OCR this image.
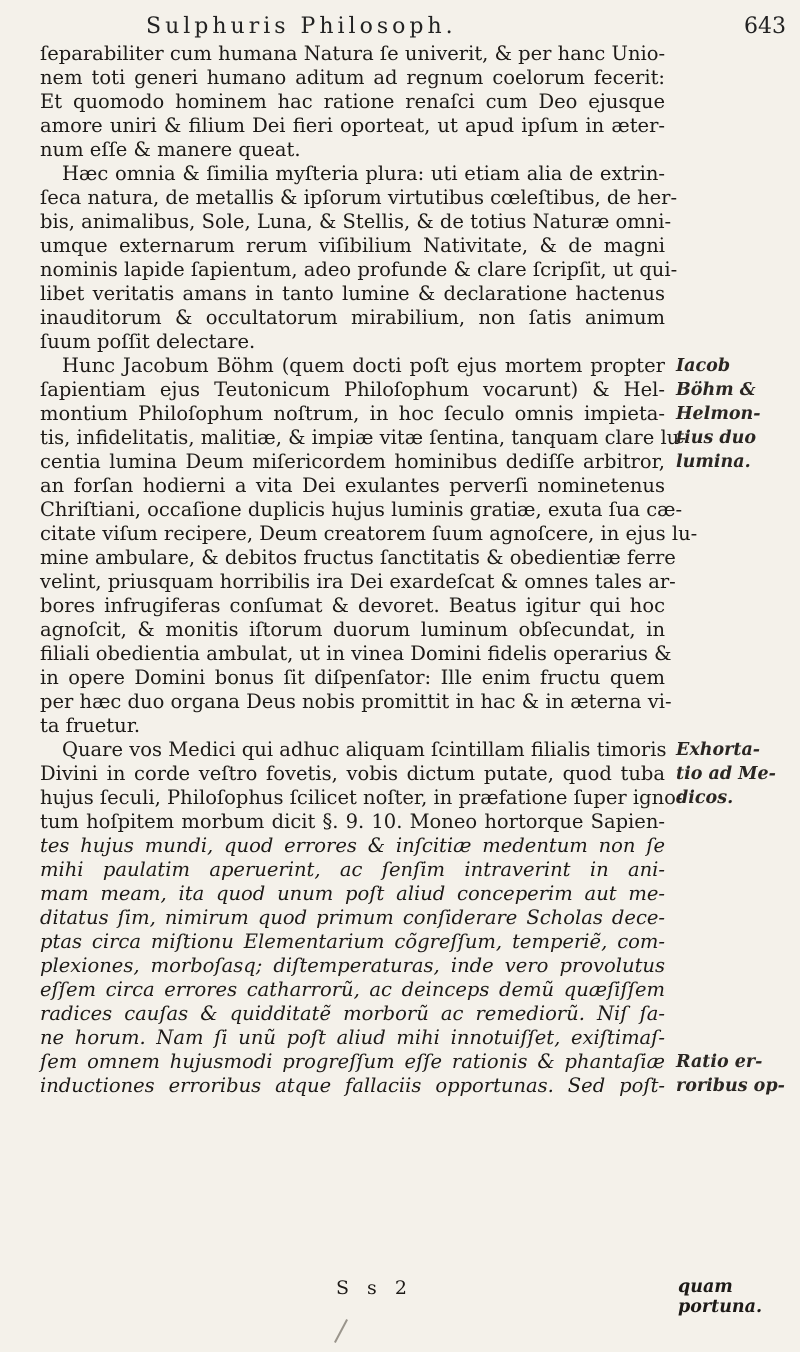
Sulphuris Philosoph.	643
ſeparabiliter cum humana Natura ſe univerit, & per hanc Unio-
nem toti generi humano aditum ad regnum coelorum fecerit:
Et quomodo hominem hac ratione renaſci cum Deo ejusque
amore uniri & filium Dei fieri oporteat, ut apud ipſum in æter-
num eſſe & manere queat.
Hæc omnia & ſimilia myſteria plura: uti etiam alia de extrin-
ſeca natura, de metallis & ipſorum virtutibus cœleſtibus, de her-
bis, animalibus, Sole, Luna, & Stellis, & de totius Naturæ omni-
umque externarum rerum viſibilium Nativitate, & de magni
nominis lapide ſapientum, adeo profunde & clare ſcripſit, ut qui-
libet veritatis amans in tanto lumine & declaratione hactenus
inauditorum & occultatorum mirabilium, non ſatis animum
ſuum poſſit delectare.
Hunc Jacobum Böhm (quem docti poſt ejus mortem propter
ſapientiam ejus Teutonicum Philoſophum vocarunt) & Hel-
montium Philoſophum noſtrum, in hoc ſeculo omnis impieta-
tis, infidelitatis, malitiæ, & impiæ vitæ ſentina, tanquam clare lu-
centia lumina Deum miſericordem hominibus dediſſe arbitror,
an forſan hodierni a vita Dei exulantes perverſi nominetenus
Chriſtiani, occaſione duplicis hujus luminis gratiæ, exuta ſua cæ-
citate viſum recipere, Deum creatorem ſuum agnoſcere, in ejus lu-
mine ambulare, & debitos fructus ſanctitatis & obedientiæ ferre
velint, priusquam horribilis ira Dei exardeſcat & omnes tales ar-
bores infrugiferas conſumat & devoret. Beatus igitur qui hoc
agnoſcit, & monitis iſtorum duorum luminum obſecundat, in
filiali obedientia ambulat, ut in vinea Domini fidelis operarius &
in opere Domini bonus ſit diſpenſator: Ille enim fructu quem
per hæc duo organa Deus nobis promittit in hac & in æterna vi-
ta fruetur.
Quare vos Medici qui adhuc aliquam ſcintillam filialis timoris
Divini in corde veſtro fovetis, vobis dictum putate, quod tuba
hujus ſeculi, Philoſophus ſcilicet noſter, in præfatione ſuper igno-
tum hoſpitem morbum dicit §. 9. 10. Moneo hortorque Sapien-
tes hujus mundi, quod errores & inſcitiæ medentum non ſe
mihi paulatim aperuerint, ac ſenſim intraverint in ani-
mam meam, ita quod unum poſt aliud conceperim aut me-
ditatus ſim, nimirum quod primum conſiderare Scholas dece-
ptas circa miſtionu Elementarium cõgreſſum, temperiẽ, com-
plexiones, morboſasq; diſtemperaturas, inde vero provolutus
eſſem circa errores catharrorũ, ac deinceps demũ quæſiſſem
radices cauſas & quidditatẽ morborũ ac remediorũ. Niſ ſa-
ne horum. Nam ſi unũ poſt aliud mihi innotuiſſet, exiſtimaſ-
ſem omnem hujusmodi progreſſum eſſe rationis & phantaſiæ
inductiones erroribus atque fallaciis opportunas. Sed poſt-
Iacob
Böhm &
Helmon-
tius duo
lumina.
Exhorta-
tio ad Me-
dicos.
Ratio er-
roribus op-
S s 2	quam portuna.
